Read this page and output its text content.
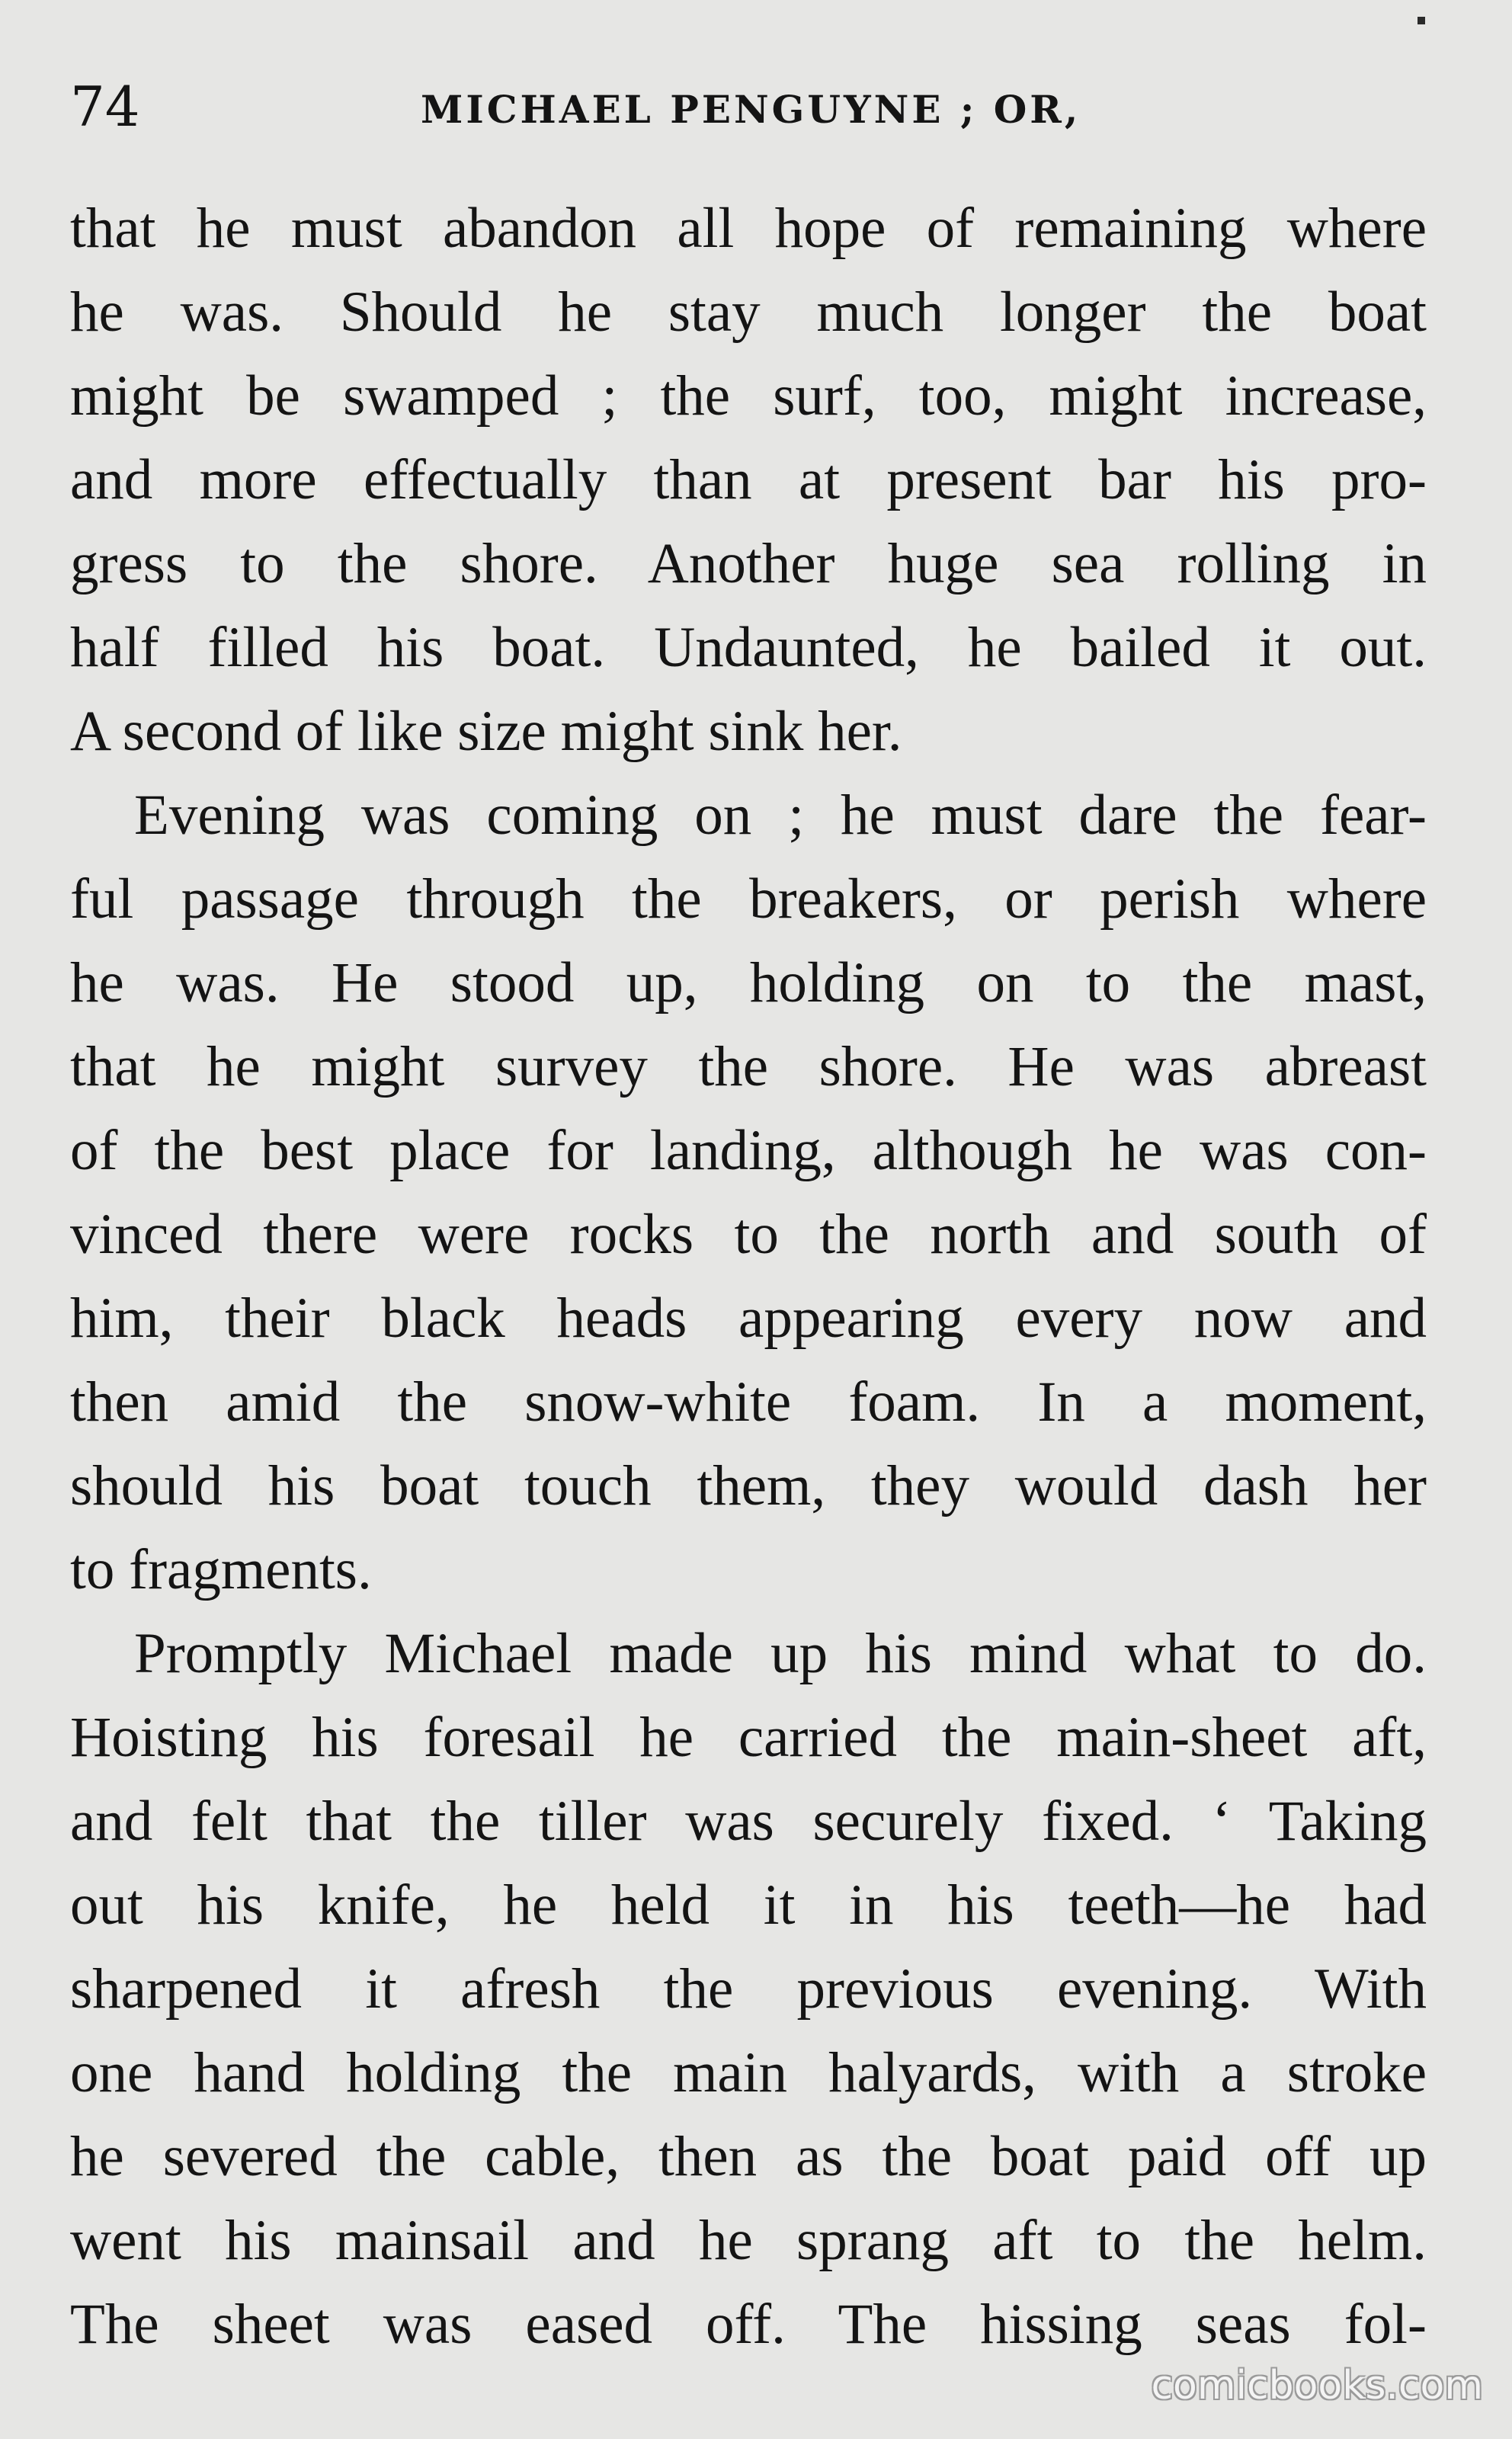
74	MICHAEL PENGUYNE ; OR,
that he must abandon all hope of remaining where
he was. Should he stay much longer the boat
might be swamped ; the surf, too, might increase,
and more effectually than at present bar his pro-
gress to the shore. Another huge sea rolling in
half filled his boat. Undaunted, he bailed it out.
A second of like size might sink her.
Evening was coming on ; he must dare the fear-
ful passage through the breakers, or perish where
he was. He stood up, holding on to the mast,
that he might survey the shore. He was abreast
of the best place for landing, although he was con-
vinced there were rocks to the north and south of
him, their black heads appearing every now and
then amid the snow-white foam. In a moment,
should his boat touch them, they would dash her
to fragments.
Promptly Michael made up his mind what to do.
Hoisting his foresail he carried the main-sheet aft,
and felt that the tiller was securely fixed. ‘ Taking
out his knife, he held it in his teeth—he had
sharpened it afresh the previous evening. With
one hand holding the main halyards, with a stroke
he severed the cable, then as the boat paid off up
went his mainsail and he sprang aft to the helm.
The sheet was eased off. The hissing seas fol-
comicbooks.com
